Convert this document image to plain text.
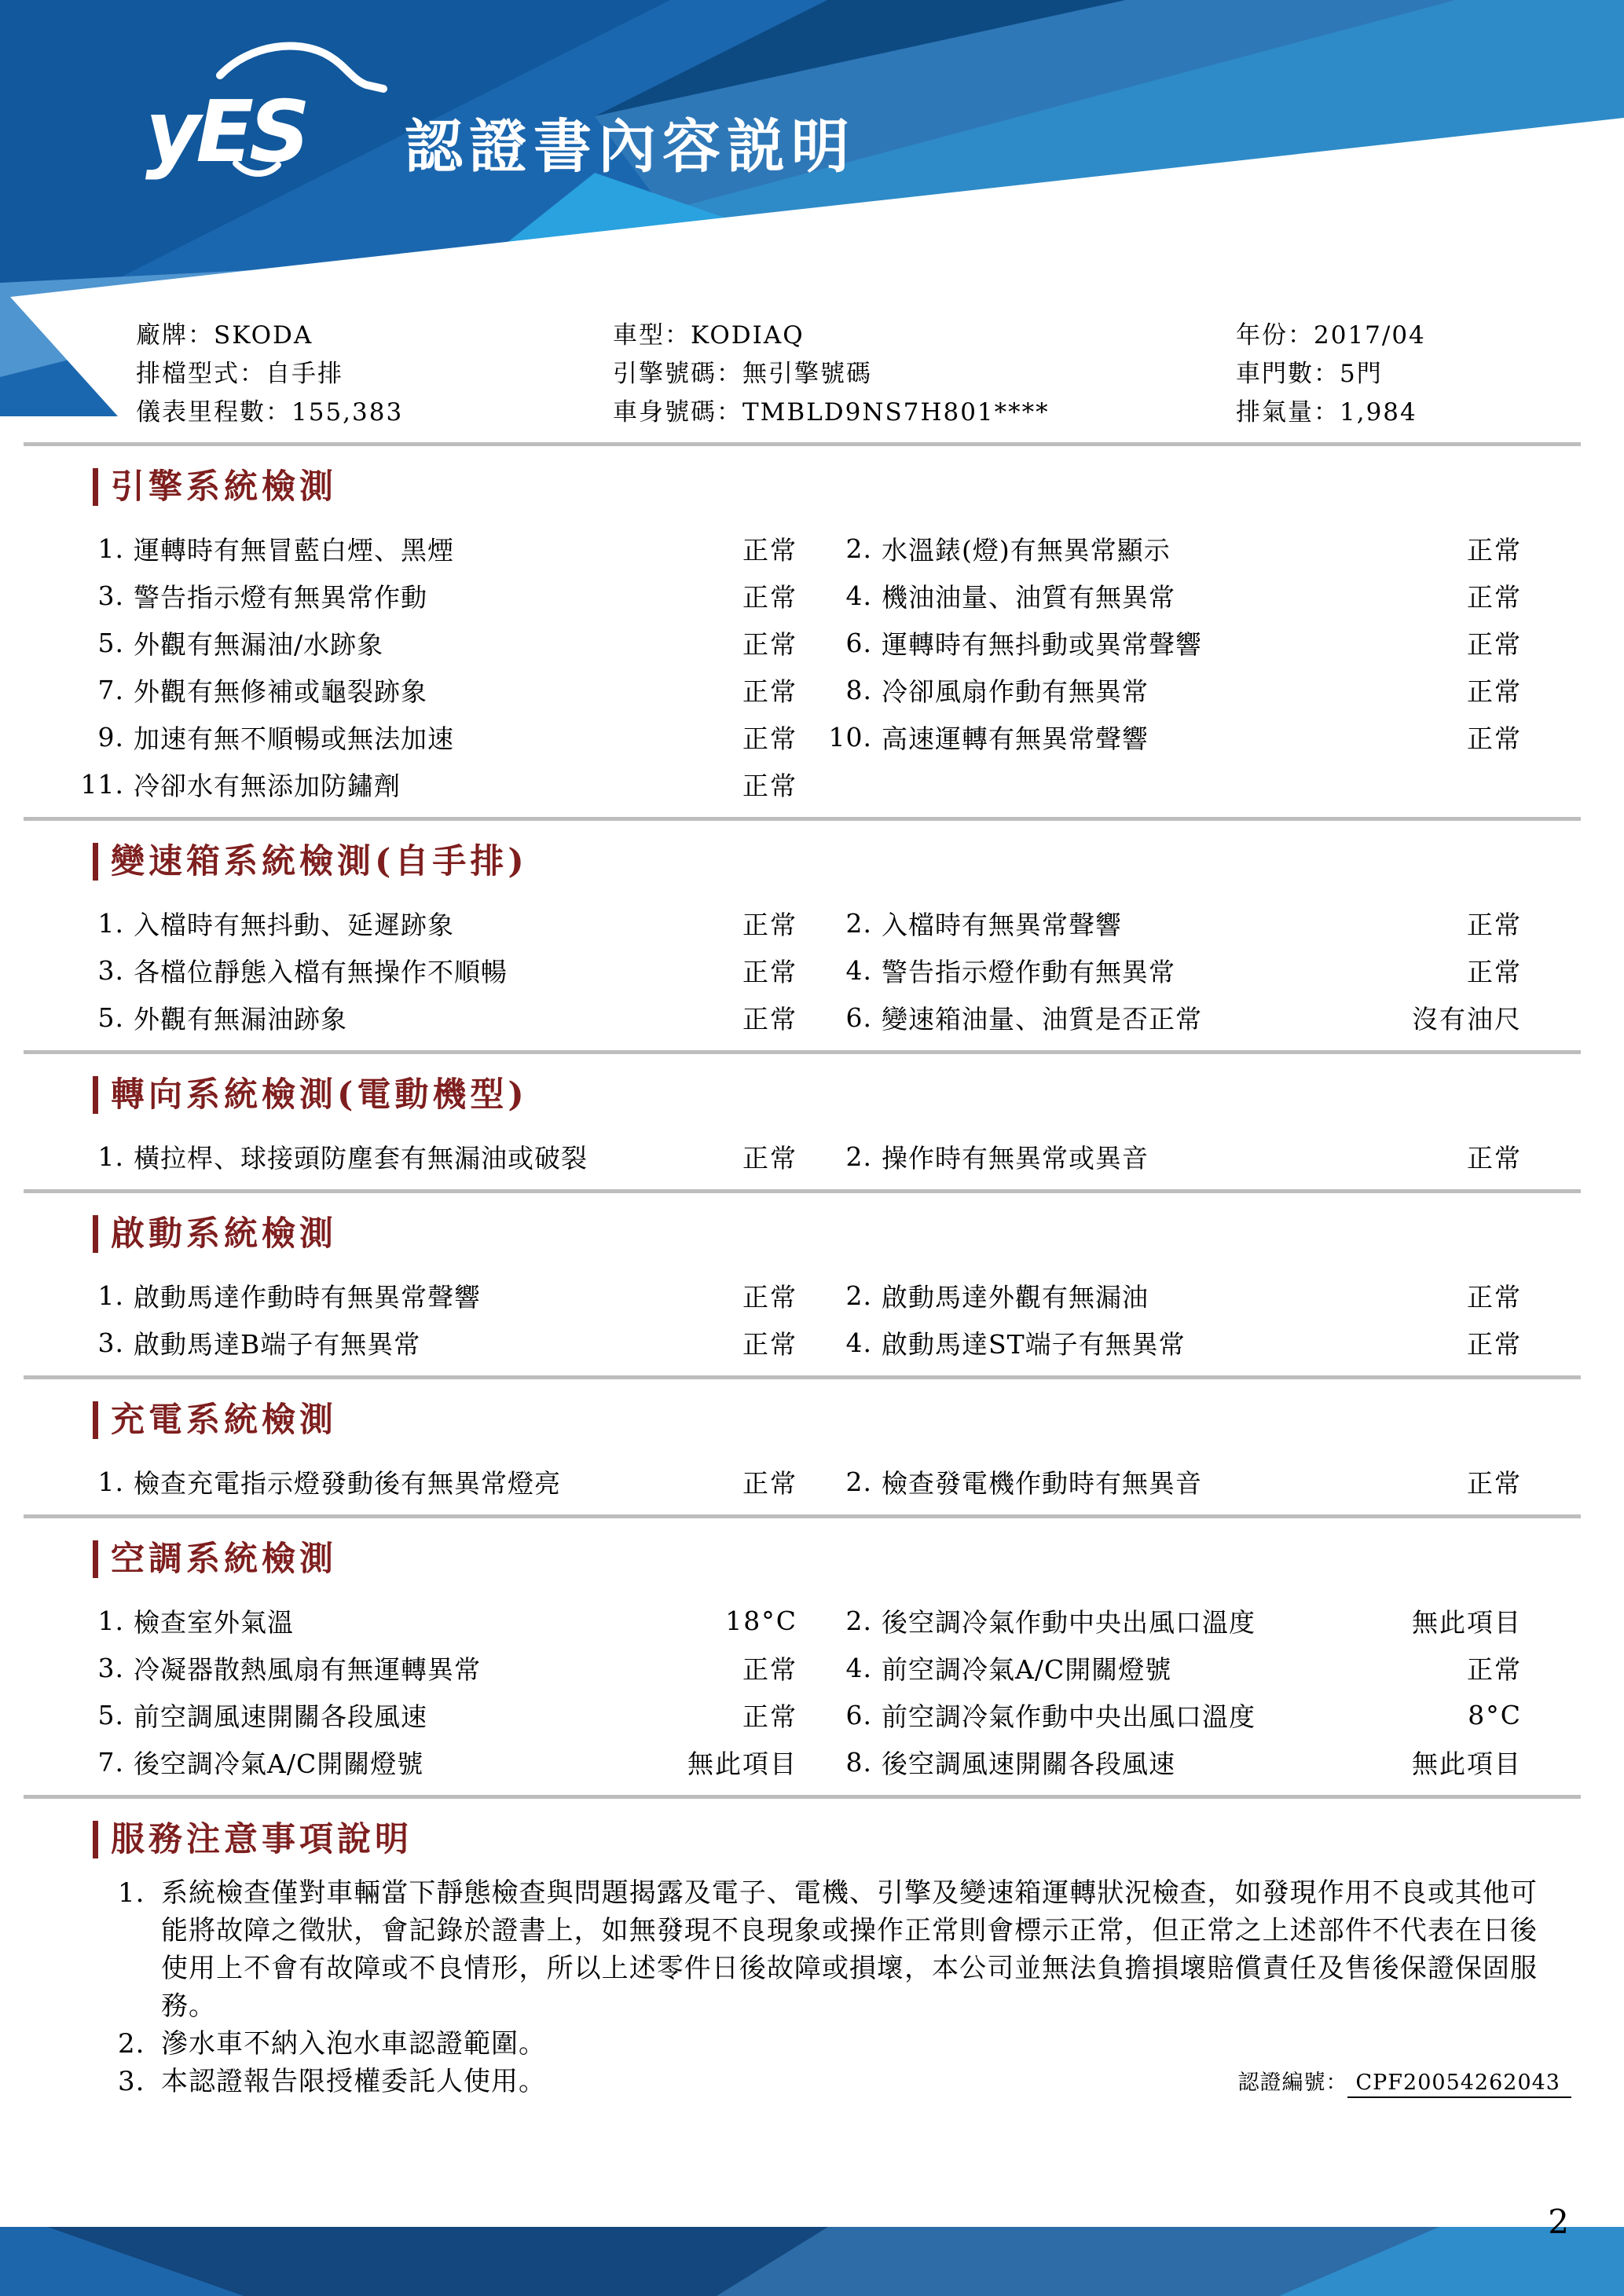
yES 認證書內容説明
廠牌：SKODA	車型：KODIAQ	年份：2017/04
排檔型式：自手排	引擎號碼：無引擎號碼	車門數：5門
儀表里程數：155,383	車身號碼：TMBLD9NS7H801****	排氣量：1,984
引擎系統檢測
1. 運轉時有無冒藍白煙、黑煙	正常	2. 水溫錶(燈)有無異常顯示	正常
3. 警告指示燈有無異常作動	正常	4. 機油油量、油質有無異常	正常
5. 外觀有無漏油/水跡象	正常	6. 運轉時有無抖動或異常聲響	正常
7. 外觀有無修補或龜裂跡象	正常	8. 冷卻風扇作動有無異常	正常
9. 加速有無不順暢或無法加速	正常	10. 高速運轉有無異常聲響	正常
11. 冷卻水有無添加防鏽劑	正常
變速箱系統檢測(自手排)
1. 入檔時有無抖動、延遲跡象	正常	2. 入檔時有無異常聲響	正常
3. 各檔位靜態入檔有無操作不順暢	正常	4. 警告指示燈作動有無異常	正常
5. 外觀有無漏油跡象	正常	6. 變速箱油量、油質是否正常	沒有油尺
轉向系統檢測(電動機型)
1. 橫拉桿、球接頭防塵套有無漏油或破裂	正常	2. 操作時有無異常或異音	正常
啟動系統檢測
1. 啟動馬達作動時有無異常聲響	正常	2. 啟動馬達外觀有無漏油	正常
3. 啟動馬達B端子有無異常	正常	4. 啟動馬達ST端子有無異常	正常
充電系統檢測
1. 檢查充電指示燈發動後有無異常燈亮	正常	2. 檢查發電機作動時有無異音	正常
空調系統檢測
1. 檢查室外氣溫	18°C	2. 後空調冷氣作動中央出風口溫度	無此項目
3. 冷凝器散熱風扇有無運轉異常	正常	4. 前空調冷氣A/C開關燈號	正常
5. 前空調風速開關各段風速	正常	6. 前空調冷氣作動中央出風口溫度	8°C
7. 後空調冷氣A/C開關燈號	無此項目	8. 後空調風速開關各段風速	無此項目
服務注意事項說明
1. 系統檢查僅對車輛當下靜態檢查與問題揭露及電子、電機、引擎及變速箱運轉狀況檢查，如發現作用不良或其他可能將故障之徵狀，會記錄於證書上，如無發現不良現象或操作正常則會標示正常，但正常之上述部件不代表在日後使用上不會有故障或不良情形，所以上述零件日後故障或損壞，本公司並無法負擔損壞賠償責任及售後保證保固服務。
2. 滲水車不納入泡水車認證範圍。
3. 本認證報告限授權委託人使用。	認證編號： CPF20054262043
2
